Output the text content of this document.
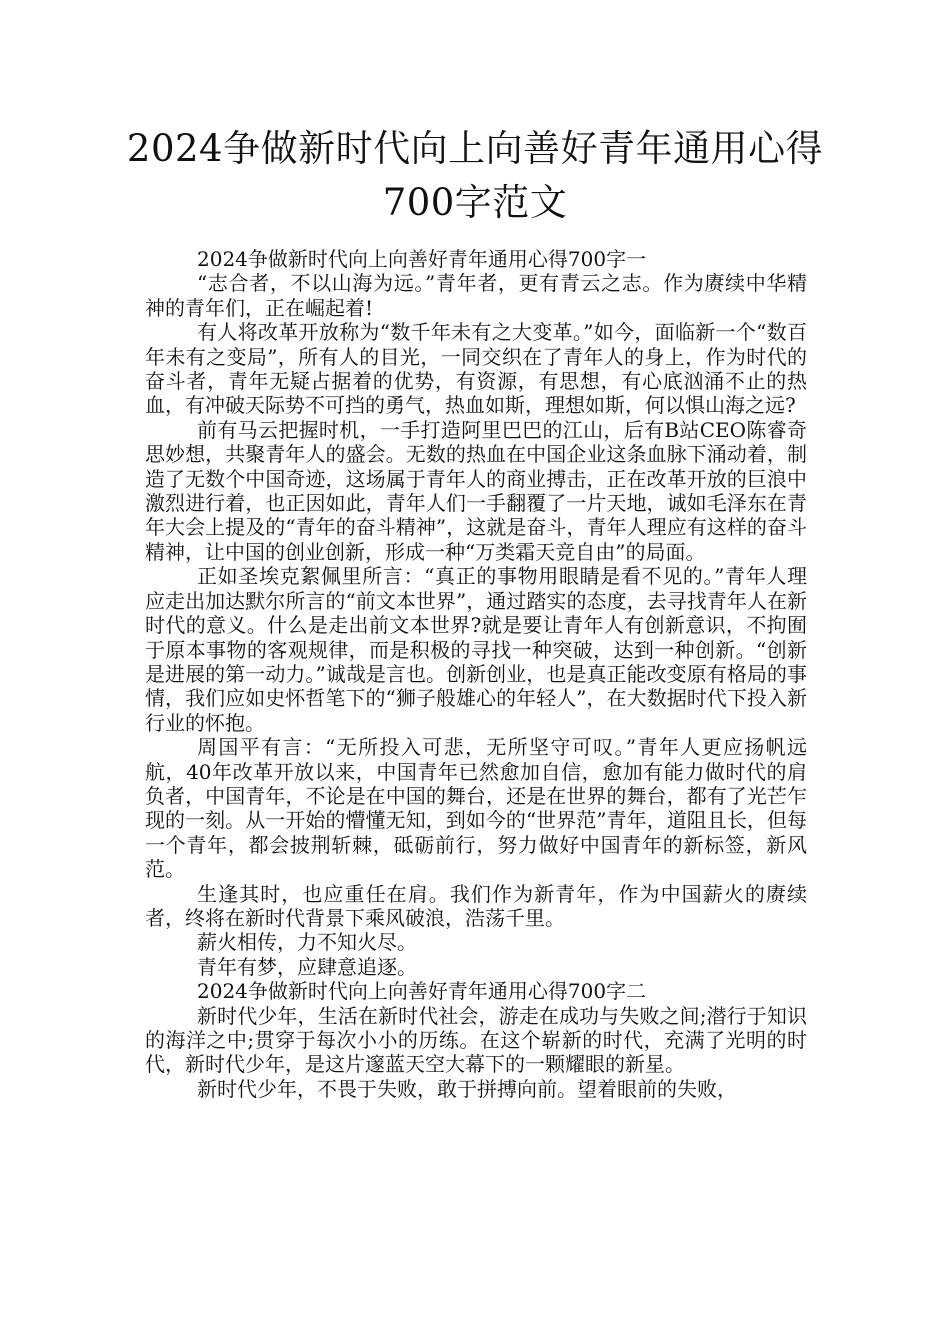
2024争做新时代向上向善好青年通用心得
700字范文

2024争做新时代向上向善好青年通用心得700字一

“志合者，不以山海为远。”青年者，更有青云之志。作为赓续中华精神的青年们，正在崛起着!

有人将改革开放称为“数千年未有之大变革。”如今，面临新一个“数百年未有之变局”，所有人的目光，一同交织在了青年人的身上，作为时代的奋斗者，青年无疑占据着的优势，有资源，有思想，有心底汹涌不止的热血，有冲破天际势不可挡的勇气，热血如斯，理想如斯，何以惧山海之远?

前有马云把握时机，一手打造阿里巴巴的江山，后有B站CEO陈睿奇思妙想，共聚青年人的盛会。无数的热血在中国企业这条血脉下涌动着，制造了无数个中国奇迹，这场属于青年人的商业搏击，正在改革开放的巨浪中激烈进行着，也正因如此，青年人们一手翻覆了一片天地，诚如毛泽东在青年大会上提及的“青年的奋斗精神”，这就是奋斗，青年人理应有这样的奋斗精神，让中国的创业创新，形成一种“万类霜天竞自由”的局面。

正如圣埃克絮佩里所言：“真正的事物用眼睛是看不见的。”青年人理应走出加达默尔所言的“前文本世界”，通过踏实的态度，去寻找青年人在新时代的意义。什么是走出前文本世界?就是要让青年人有创新意识，不拘囿于原本事物的客观规律，而是积极的寻找一种突破，达到一种创新。“创新是进展的第一动力。”诚哉是言也。创新创业，也是真正能改变原有格局的事情，我们应如史怀哲笔下的“狮子般雄心的年轻人”，在大数据时代下投入新行业的怀抱。

周国平有言：“无所投入可悲，无所坚守可叹。”青年人更应扬帆远航，40年改革开放以来，中国青年已然愈加自信，愈加有能力做时代的肩负者，中国青年，不论是在中国的舞台，还是在世界的舞台，都有了光芒乍现的一刻。从一开始的懵懂无知，到如今的“世界范”青年，道阻且长，但每一个青年，都会披荆斩棘，砥砺前行，努力做好中国青年的新标签，新风范。

生逢其时，也应重任在肩。我们作为新青年，作为中国薪火的赓续者，终将在新时代背景下乘风破浪，浩荡千里。

薪火相传，力不知火尽。

青年有梦，应肆意追逐。

2024争做新时代向上向善好青年通用心得700字二

新时代少年，生活在新时代社会，游走在成功与失败之间;潜行于知识的海洋之中;贯穿于每次小小的历练。在这个崭新的时代，充满了光明的时代，新时代少年，是这片邃蓝天空大幕下的一颗耀眼的新星。

新时代少年，不畏于失败，敢于拼搏向前。望着眼前的失败，
